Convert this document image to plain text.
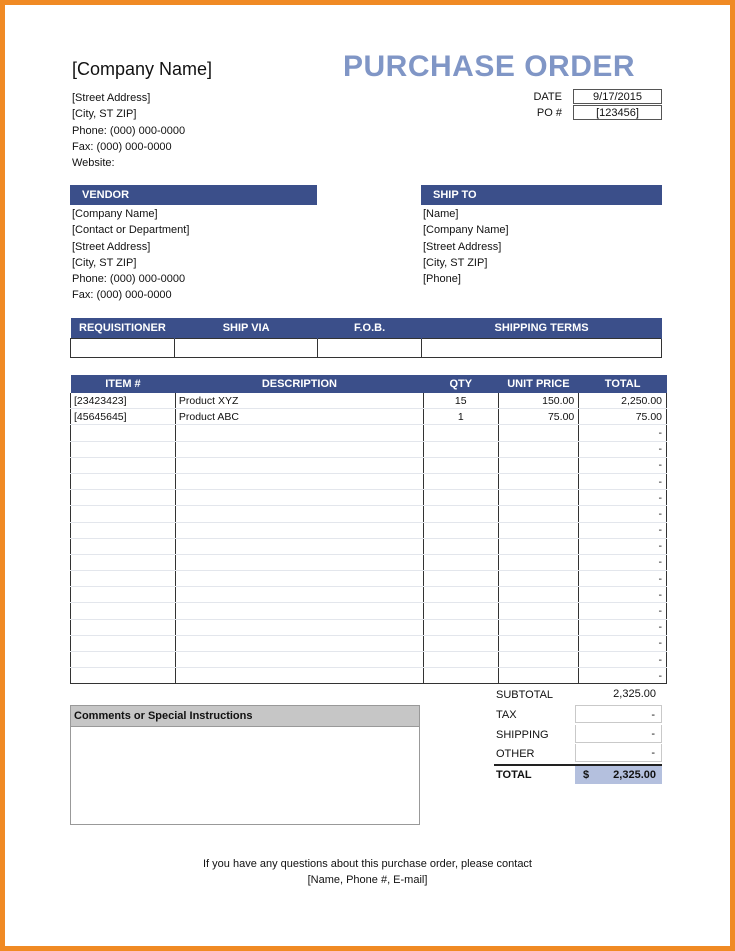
[Company Name]
[Street Address]
[City, ST ZIP]
Phone: (000) 000-0000
Fax: (000) 000-0000
Website:
PURCHASE ORDER
DATE	9/17/2015
PO #	[123456]
VENDOR
[Company Name]
[Contact or Department]
[Street Address]
[City, ST ZIP]
Phone: (000) 000-0000
Fax: (000) 000-0000
SHIP TO
[Name]
[Company Name]
[Street Address]
[City, ST ZIP]
[Phone]
REQUISITIONER	SHIP VIA	F.O.B.	SHIPPING TERMS

ITEM #	DESCRIPTION	QTY	UNIT PRICE	TOTAL
[23423423]	Product XYZ	15	150.00	2,250.00
[45645645]	Product ABC	1	75.00	75.00
				-
				-
				-
				-
				-
				-
				-
				-
				-
				-
				-
				-
				-
				-
				-
				-
Comments or Special Instructions
SUBTOTAL	2,325.00
TAX	-
SHIPPING	-
OTHER	-
TOTAL	$ 2,325.00
If you have any questions about this purchase order, please contact
[Name, Phone #, E-mail]
